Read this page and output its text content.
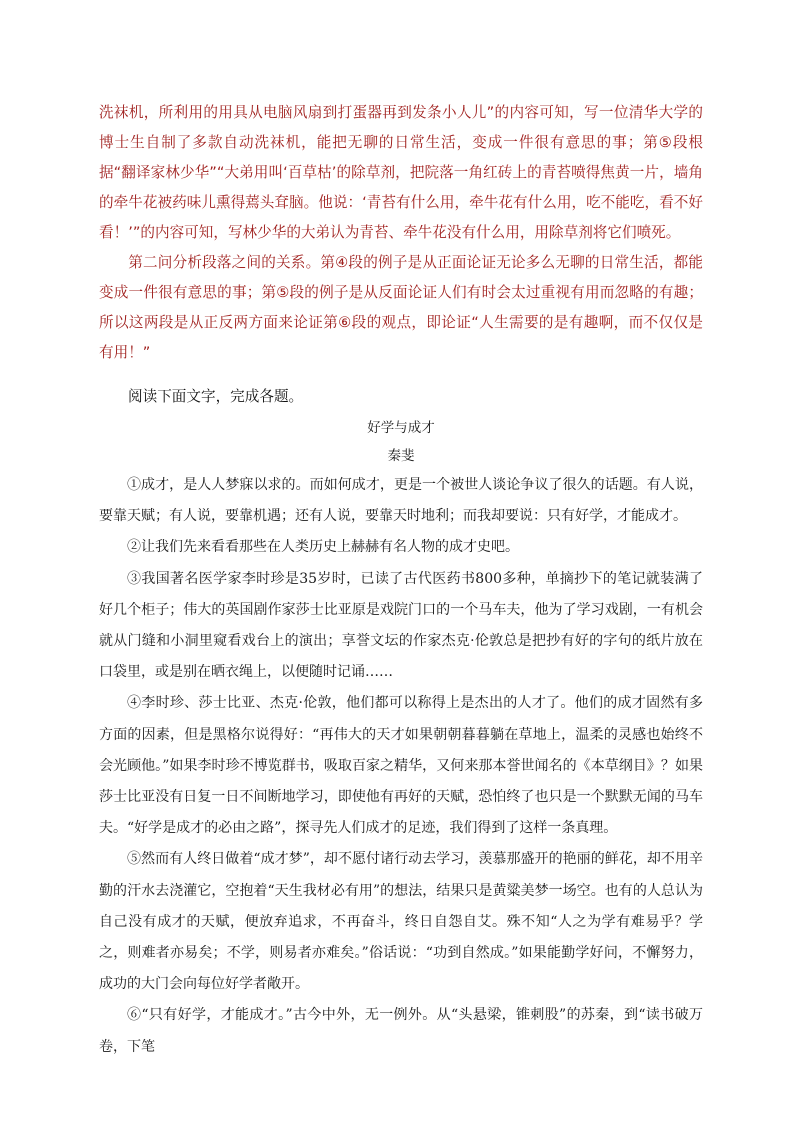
洗袜机，所利用的用具从电脑风扇到打蛋器再到发条小人儿”的内容可知，写一位清华大学的博士生自制了多款自动洗袜机，能把无聊的日常生活，变成一件很有意思的事；第⑤段根据“翻译家林少华”“大弟用叫‘百草枯’的除草剂，把院落一角红砖上的青苔喷得焦黄一片，墙角的牵牛花被药味儿熏得蔫头耷脑。他说：‘青苔有什么用，牵牛花有什么用，吃不能吃，看不好看！’”的内容可知，写林少华的大弟认为青苔、牵牛花没有什么用，用除草剂将它们喷死。

第二问分析段落之间的关系。第④段的例子是从正面论证无论多么无聊的日常生活，都能变成一件很有意思的事；第⑤段的例子是从反面论证人们有时会太过重视有用而忽略的有趣；所以这两段是从正反两方面来论证第⑥段的观点，即论证“人生需要的是有趣啊，而不仅仅是有用！”

阅读下面文字，完成各题。

好学与成才

秦斐

①成才，是人人梦寐以求的。而如何成才，更是一个被世人谈论争议了很久的话题。有人说，要靠天赋；有人说，要靠机遇；还有人说，要靠天时地利；而我却要说：只有好学，才能成才。

②让我们先来看看那些在人类历史上赫赫有名人物的成才史吧。

③我国著名医学家李时珍是35岁时，已读了古代医药书800多种，单摘抄下的笔记就装满了好几个柜子；伟大的英国剧作家莎士比亚原是戏院门口的一个马车夫，他为了学习戏剧，一有机会就从门缝和小洞里窥看戏台上的演出；享誉文坛的作家杰克·伦敦总是把抄有好的字句的纸片放在口袋里，或是别在晒衣绳上，以便随时记诵……

④李时珍、莎士比亚、杰克·伦敦，他们都可以称得上是杰出的人才了。他们的成才固然有多方面的因素，但是黑格尔说得好：“再伟大的天才如果朝朝暮暮躺在草地上，温柔的灵感也始终不会光顾他。”如果李时珍不博览群书，吸取百家之精华，又何来那本誉世闻名的《本草纲目》？如果莎士比亚没有日复一日不间断地学习，即使他有再好的天赋，恐怕终了也只是一个默默无闻的马车夫。“好学是成才的必由之路”，探寻先人们成才的足迹，我们得到了这样一条真理。

⑤然而有人终日做着“成才梦”，却不愿付诸行动去学习，羡慕那盛开的艳丽的鲜花，却不用辛勤的汗水去浇灌它，空抱着“天生我材必有用”的想法，结果只是黄粱美梦一场空。也有的人总认为自己没有成才的天赋，便放弃追求，不再奋斗，终日自怨自艾。殊不知“人之为学有难易乎？学之，则难者亦易矣；不学，则易者亦难矣。”俗话说：“功到自然成。”如果能勤学好问，不懈努力，成功的大门会向每位好学者敞开。

⑥“只有好学，才能成才。”古今中外，无一例外。从“头悬梁，锥刺股”的苏秦，到“读书破万卷，下笔
